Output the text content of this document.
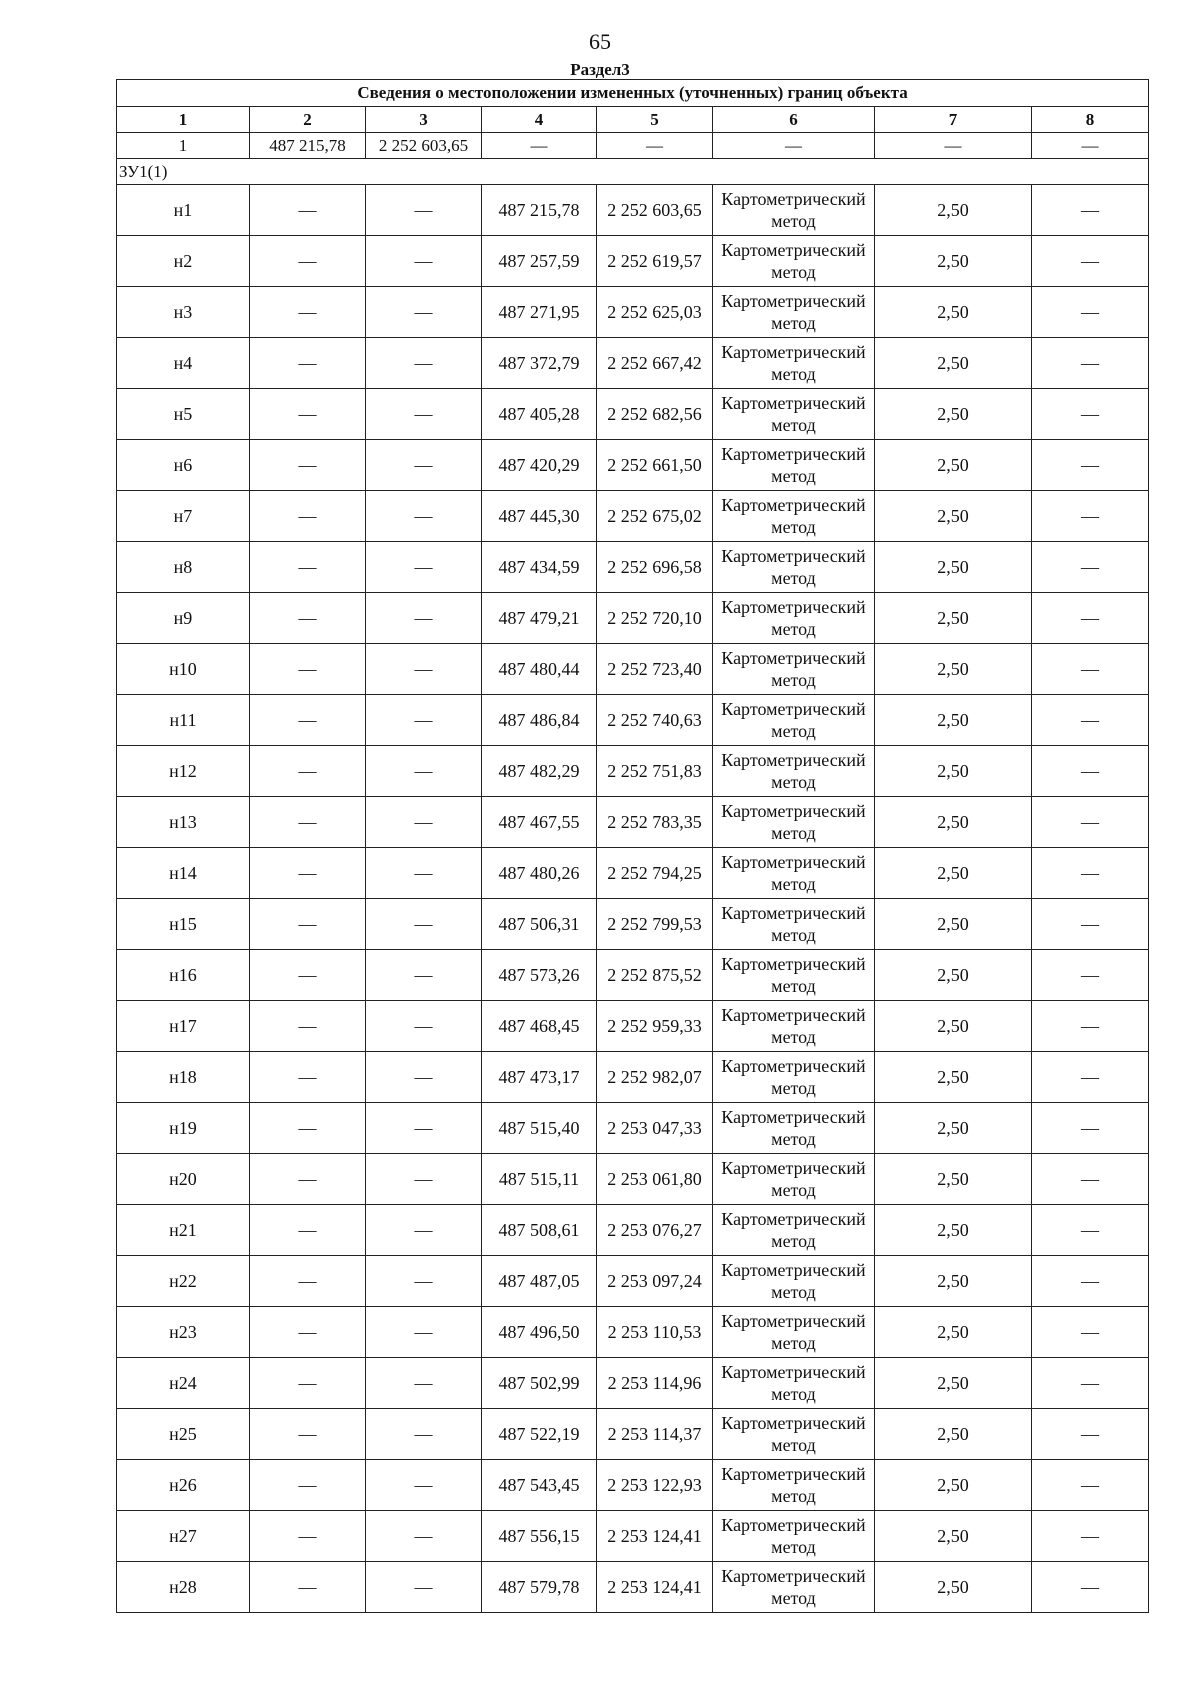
65
Раздел3
Сведения о местоположении измененных (уточненных) границ объекта							
1	2	3	4	5	6	7	8
1	487 215,78	2 252 603,65	—	—	—	—	—
ЗУ1(1)							
н1	—	—	487 215,78	2 252 603,65	Картометрический метод	2,50	—
н2	—	—	487 257,59	2 252 619,57	Картометрический метод	2,50	—
н3	—	—	487 271,95	2 252 625,03	Картометрический метод	2,50	—
н4	—	—	487 372,79	2 252 667,42	Картометрический метод	2,50	—
н5	—	—	487 405,28	2 252 682,56	Картометрический метод	2,50	—
н6	—	—	487 420,29	2 252 661,50	Картометрический метод	2,50	—
н7	—	—	487 445,30	2 252 675,02	Картометрический метод	2,50	—
н8	—	—	487 434,59	2 252 696,58	Картометрический метод	2,50	—
н9	—	—	487 479,21	2 252 720,10	Картометрический метод	2,50	—
н10	—	—	487 480,44	2 252 723,40	Картометрический метод	2,50	—
н11	—	—	487 486,84	2 252 740,63	Картометрический метод	2,50	—
н12	—	—	487 482,29	2 252 751,83	Картометрический метод	2,50	—
н13	—	—	487 467,55	2 252 783,35	Картометрический метод	2,50	—
н14	—	—	487 480,26	2 252 794,25	Картометрический метод	2,50	—
н15	—	—	487 506,31	2 252 799,53	Картометрический метод	2,50	—
н16	—	—	487 573,26	2 252 875,52	Картометрический метод	2,50	—
н17	—	—	487 468,45	2 252 959,33	Картометрический метод	2,50	—
н18	—	—	487 473,17	2 252 982,07	Картометрический метод	2,50	—
н19	—	—	487 515,40	2 253 047,33	Картометрический метод	2,50	—
н20	—	—	487 515,11	2 253 061,80	Картометрический метод	2,50	—
н21	—	—	487 508,61	2 253 076,27	Картометрический метод	2,50	—
н22	—	—	487 487,05	2 253 097,24	Картометрический метод	2,50	—
н23	—	—	487 496,50	2 253 110,53	Картометрический метод	2,50	—
н24	—	—	487 502,99	2 253 114,96	Картометрический метод	2,50	—
н25	—	—	487 522,19	2 253 114,37	Картометрический метод	2,50	—
н26	—	—	487 543,45	2 253 122,93	Картометрический метод	2,50	—
н27	—	—	487 556,15	2 253 124,41	Картометрический метод	2,50	—
н28	—	—	487 579,78	2 253 124,41	Картометрический метод	2,50	—
